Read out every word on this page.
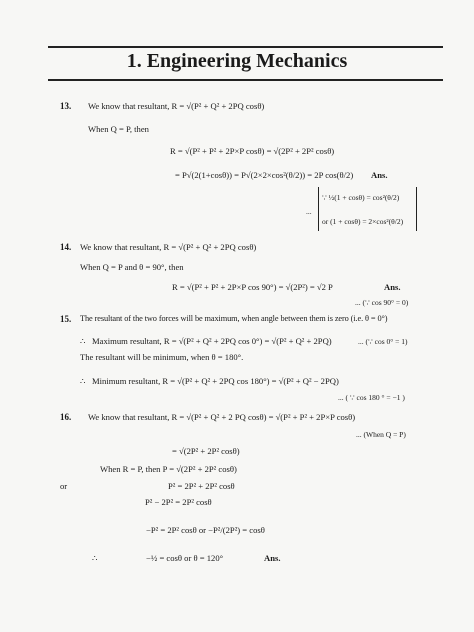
1. Engineering Mechanics
13. We know that resultant, R = √(P² + Q² + 2PQ cosθ)
When Q = P, then
R = √(P² + P² + 2P×P cosθ) = √(2P² + 2P² cosθ)
= P√(2(1+cosθ)) = P√(2×2×cos²(θ/2)) = 2P cos(θ/2) Ans.
∵ ½(1 + cosθ) = cos²(θ/2)
...
or (1 + cosθ) = 2×cos²(θ/2)
14. We know that resultant, R = √(P² + Q² + 2PQ cosθ)
When Q = P and θ = 90°, then
R = √(P² + P² + 2P×P cos 90°) = √(2P²) = √2 P	Ans.
... (∵ cos 90° = 0)
15. The resultant of the two forces will be maximum, when angle between them is zero (i.e. θ = 0°)
∴ Maximum resultant, R = √(P² + Q² + 2PQ cos 0°) = √(P² + Q² + 2PQ)	... (∵ cos 0° = 1)
The resultant will be minimum, when θ = 180°.
∴ Minimum resultant, R = √(P² + Q² + 2PQ cos 180°) = √(P² + Q² − 2PQ)
... ( ∵ cos 180 ° = −1 )
16. We know that resultant, R = √(P² + Q² + 2 PQ cosθ) = √(P² + P² + 2P×P cosθ)
... (When Q = P)
= √(2P² + 2P² cosθ)
When R = P, then P = √(2P² + 2P² cosθ)
or	P² = 2P² + 2P² cosθ
P² − 2P² = 2P² cosθ
−P² = 2P² cosθ or −P²/(2P²) = cosθ
∴	−½ = cosθ or θ = 120°	Ans.
